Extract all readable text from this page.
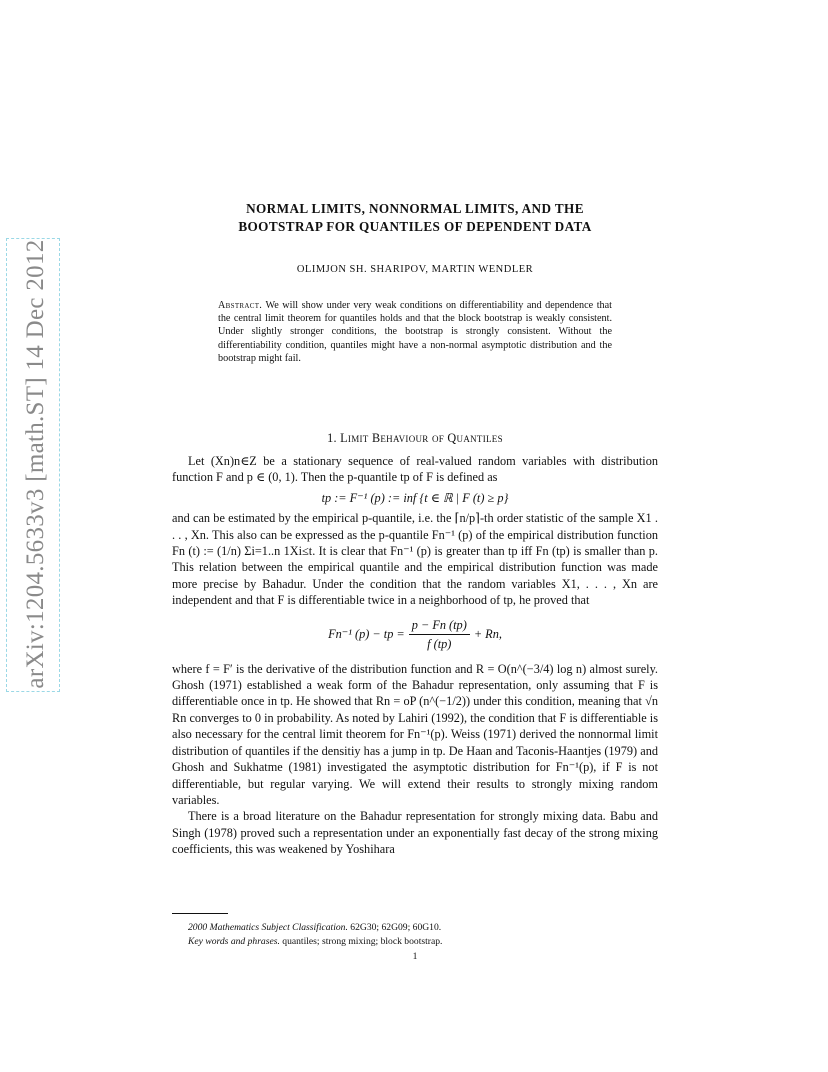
arXiv:1204.5633v3 [math.ST] 14 Dec 2012
NORMAL LIMITS, NONNORMAL LIMITS, AND THE
BOOTSTRAP FOR QUANTILES OF DEPENDENT DATA
OLIMJON SH. SHARIPOV, MARTIN WENDLER
Abstract. We will show under very weak conditions on differentiability and dependence that the central limit theorem for quantiles holds and that the block bootstrap is weakly consistent. Under slightly stronger conditions, the bootstrap is strongly consistent. Without the differentiability condition, quantiles might have a non-normal asymptotic distribution and the bootstrap might fail.
1. Limit Behaviour of Quantiles

Let (Xn)n∈Z be a stationary sequence of real-valued random variables with distribution function F and p ∈ (0, 1). Then the p-quantile tp of F is defined as

tp := F⁻¹ (p) := inf {t ∈ ℝ | F (t) ≥ p}

and can be estimated by the empirical p-quantile, i.e. the ⌈n/p⌉-th order statistic of the sample X1 . . . , Xn. This also can be expressed as the p-quantile Fn⁻¹ (p) of the empirical distribution function Fn (t) := (1/n) Σi=1..n 1Xi≤t. It is clear that Fn⁻¹ (p) is greater than tp iff Fn (tp) is smaller than p. This relation between the empirical quantile and the empirical distribution function was made more precise by Bahadur. Under the condition that the random variables X1, . . . , Xn are independent and that F is differentiable twice in a neighborhood of tp, he proved that

Fn⁻¹ (p) − tp = $\frac{p - Fn (tp)}{f (tp)} + Rn$,

where f = F′ is the derivative of the distribution function and R = O(n^(−3/4) log n) almost surely. Ghosh (1971) established a weak form of the Bahadur representation, only assuming that F is differentiable once in tp. He showed that Rn = oP (n^(−1/2)) under this condition, meaning that √n Rn converges to 0 in probability. As noted by Lahiri (1992), the condition that F is differentiable is also necessary for the central limit theorem for Fn⁻¹(p). Weiss (1971) derived the nonnormal limit distribution of quantiles if the densitiy has a jump in tp. De Haan and Taconis-Haantjes (1979) and Ghosh and Sukhatme (1981) investigated the asymptotic distribution for Fn⁻¹(p), if F is not differentiable, but regular varying. We will extend their results to strongly mixing random variables.

There is a broad literature on the Bahadur representation for strongly mixing data. Babu and Singh (1978) proved such a representation under an exponentially fast decay of the strong mixing coefficients, this was weakened by Yoshihara

2000 Mathematics Subject Classification. 62G30; 62G09; 60G10.
Key words and phrases. quantiles; strong mixing; block bootstrap.
1
